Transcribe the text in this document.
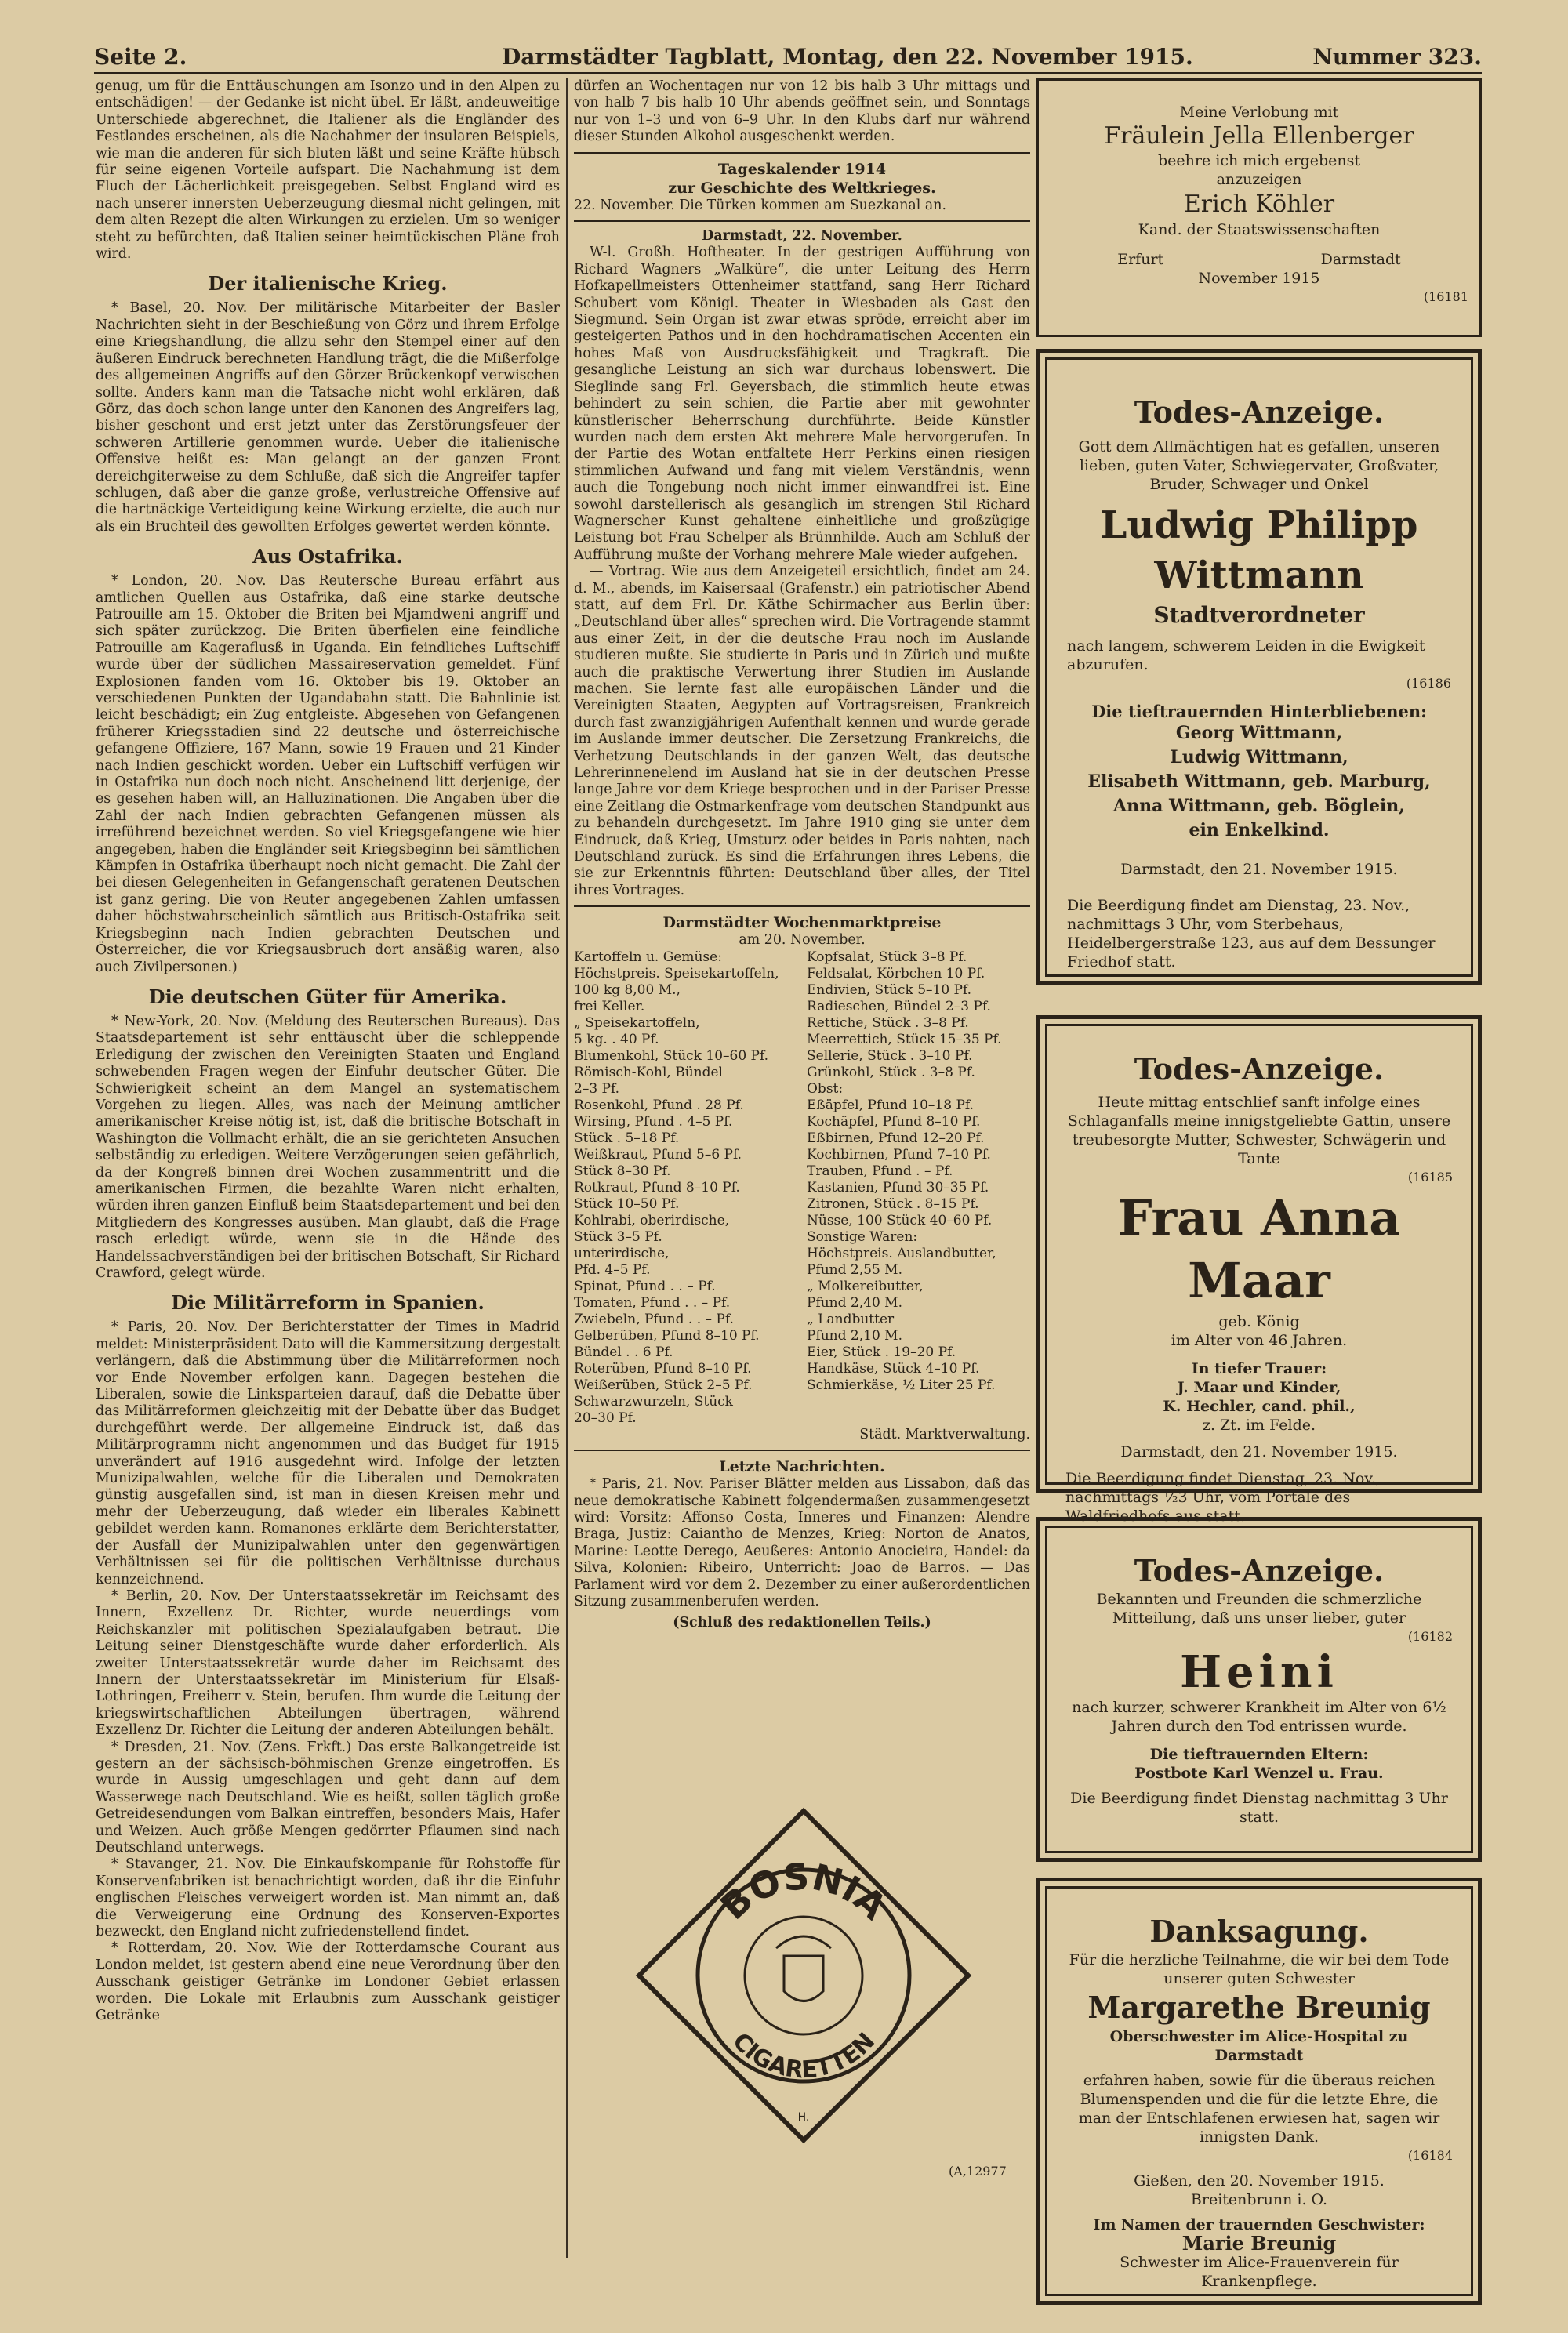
Seite 2.	Darmstädter Tagblatt, Montag, den 22. November 1915.	Nummer 323.

genug, um für die Enttäuschungen am Isonzo und in den Alpen zu entschädigen! — der Gedanke ist nicht übel. Er läßt, andeuweitige Unterschiede abgerechnet, die Italiener als die Engländer des Festlandes erscheinen, als die Nachahmer der insularen Beispiels, wie man die anderen für sich bluten läßt und seine Kräfte hübsch für seine eigenen Vorteile aufspart. Die Nachahmung ist dem Fluch der Lächerlichkeit preisgegeben. Selbst England wird es nach unserer innersten Ueberzeugung diesmal nicht gelingen, mit dem alten Rezept die alten Wirkungen zu erzielen. Um so weniger steht zu befürchten, daß Italien seiner heimtückischen Pläne froh wird.

Der italienische Krieg.

* Basel, 20. Nov. Der militärische Mitarbeiter der Basler Nachrichten sieht in der Beschießung von Görz und ihrem Erfolge eine Kriegshandlung, die allzu sehr den Stempel einer auf den äußeren Eindruck berechneten Handlung trägt, die die Mißerfolge des allgemeinen Angriffs auf den Görzer Brückenkopf verwischen sollte. Anders kann man die Tatsache nicht wohl erklären, daß Görz, das doch schon lange unter den Kanonen des Angreifers lag, bisher geschont und erst jetzt unter das Zerstörungsfeuer der schweren Artillerie genommen wurde. Ueber die italienische Offensive heißt es: Man gelangt an der ganzen Front dereichgiterweise zu dem Schluße, daß sich die Angreifer tapfer schlugen, daß aber die ganze große, verlustreiche Offensive auf die hartnäckige Verteidigung keine Wirkung erzielte, die auch nur als ein Bruchteil des gewollten Erfolges gewertet werden könnte.

Aus Ostafrika.

* London, 20. Nov. Das Reutersche Bureau erfährt aus amtlichen Quellen aus Ostafrika, daß eine starke deutsche Patrouille am 15. Oktober die Briten bei Mjamdweni angriff und sich später zurückzog. Die Briten überfielen eine feindliche Patrouille am Kageraflusß in Uganda. Ein feindliches Luftschiff wurde über der südlichen Massaireservation gemeldet. Fünf Explosionen fanden vom 16. Oktober bis 19. Oktober an verschiedenen Punkten der Ugandabahn statt. Die Bahnlinie ist leicht beschädigt; ein Zug entgleiste. Abgesehen von Gefangenen früherer Kriegsstadien sind 22 deutsche und österreichische gefangene Offiziere, 167 Mann, sowie 19 Frauen und 21 Kinder nach Indien geschickt worden. Ueber ein Luftschiff verfügen wir in Ostafrika nun doch noch nicht. Anscheinend litt derjenige, der es gesehen haben will, an Halluzinationen. Die Angaben über die Zahl der nach Indien gebrachten Gefangenen müssen als irreführend bezeichnet werden. So viel Kriegsgefangene wie hier angegeben, haben die Engländer seit Kriegsbeginn bei sämtlichen Kämpfen in Ostafrika überhaupt noch nicht gemacht. Die Zahl der bei diesen Gelegenheiten in Gefangenschaft geratenen Deutschen ist ganz gering. Die von Reuter angegebenen Zahlen umfassen daher höchstwahrscheinlich sämtlich aus Britisch-Ostafrika seit Kriegsbeginn nach Indien gebrachten Deutschen und Österreicher, die vor Kriegsausbruch dort ansäßig waren, also auch Zivilpersonen.)

Die deutschen Güter für Amerika.

* New-York, 20. Nov. (Meldung des Reuterschen Bureaus). Das Staatsdepartement ist sehr enttäuscht über die schleppende Erledigung der zwischen den Vereinigten Staaten und England schwebenden Fragen wegen der Einfuhr deutscher Güter. Die Schwierigkeit scheint an dem Mangel an systematischem Vorgehen zu liegen. Alles, was nach der Meinung amtlicher amerikanischer Kreise nötig ist, ist, daß die britische Botschaft in Washington die Vollmacht erhält, die an sie gerichteten Ansuchen selbständig zu erledigen. Weitere Verzögerungen seien gefährlich, da der Kongreß binnen drei Wochen zusammentritt und die amerikanischen Firmen, die bezahlte Waren nicht erhalten, würden ihren ganzen Einfluß beim Staatsdepartement und bei den Mitgliedern des Kongresses ausüben. Man glaubt, daß die Frage rasch erledigt würde, wenn sie in die Hände des Handelssachverständigen bei der britischen Botschaft, Sir Richard Crawford, gelegt würde.

Die Militärreform in Spanien.

* Paris, 20. Nov. Der Berichterstatter der Times in Madrid meldet: Ministerpräsident Dato will die Kammersitzung dergestalt verlängern, daß die Abstimmung über die Militärreformen noch vor Ende November erfolgen kann. Dagegen bestehen die Liberalen, sowie die Linksparteien darauf, daß die Debatte über das Militärreformen gleichzeitig mit der Debatte über das Budget durchgeführt werde. Der allgemeine Eindruck ist, daß das Militärprogramm nicht angenommen und das Budget für 1915 unverändert auf 1916 ausgedehnt wird. Infolge der letzten Munizipalwahlen, welche für die Liberalen und Demokraten günstig ausgefallen sind, ist man in diesen Kreisen mehr und mehr der Ueberzeugung, daß wieder ein liberales Kabinett gebildet werden kann. Romanones erklärte dem Berichterstatter, der Ausfall der Munizipalwahlen unter den gegenwärtigen Verhältnissen sei für die politischen Verhältnisse durchaus kennzeichnend.

* Berlin, 20. Nov. Der Unterstaatssekretär im Reichsamt des Innern, Exzellenz Dr. Richter, wurde neuerdings vom Reichskanzler mit politischen Spezialaufgaben betraut. Die Leitung seiner Dienstgeschäfte wurde daher erforderlich. Als zweiter Unterstaatssekretär wurde daher im Reichsamt des Innern der Unterstaatssekretär im Ministerium für Elsaß-Lothringen, Freiherr v. Stein, berufen. Ihm wurde die Leitung der kriegswirtschaftlichen Abteilungen übertragen, während Exzellenz Dr. Richter die Leitung der anderen Abteilungen behält.

* Dresden, 21. Nov. (Zens. Frkft.) Das erste Balkangetreide ist gestern an der sächsisch-böhmischen Grenze eingetroffen. Es wurde in Aussig umgeschlagen und geht dann auf dem Wasserwege nach Deutschland. Wie es heißt, sollen täglich große Getreidesendungen vom Balkan eintreffen, besonders Mais, Hafer und Weizen. Auch größe Mengen gedörrter Pflaumen sind nach Deutschland unterwegs.

* Stavanger, 21. Nov. Die Einkaufskompanie für Rohstoffe für Konservenfabriken ist benachrichtigt worden, daß ihr die Einfuhr englischen Fleisches verweigert worden ist. Man nimmt an, daß die Verweigerung eine Ordnung des Konserven-Exportes bezweckt, den England nicht zufriedenstellend findet.

* Rotterdam, 20. Nov. Wie der Rotterdamsche Courant aus London meldet, ist gestern abend eine neue Verordnung über den Ausschank geistiger Getränke im Londoner Gebiet erlassen worden. Die Lokale mit Erlaubnis zum Ausschank geistiger Getränke

dürfen an Wochentagen nur von 12 bis halb 3 Uhr mittags und von halb 7 bis halb 10 Uhr abends geöffnet sein, und Sonntags nur von 1–3 und von 6–9 Uhr. In den Klubs darf nur während dieser Stunden Alkohol ausgeschenkt werden.

Tageskalender 1914
zur Geschichte des Weltkrieges.

22. November. Die Türken kommen am Suezkanal an.

Darmstadt, 22. November.

W-l. Großh. Hoftheater. In der gestrigen Aufführung von Richard Wagners „Walküre“, die unter Leitung des Herrn Hofkapellmeisters Ottenheimer stattfand, sang Herr Richard Schubert vom Königl. Theater in Wiesbaden als Gast den Siegmund. Sein Organ ist zwar etwas spröde, erreicht aber im gesteigerten Pathos und in den hochdramatischen Accenten ein hohes Maß von Ausdrucksfähigkeit und Tragkraft. Die gesangliche Leistung an sich war durchaus lobenswert. Die Sieglinde sang Frl. Geyersbach, die stimmlich heute etwas behindert zu sein schien, die Partie aber mit gewohnter künstlerischer Beherrschung durchführte. Beide Künstler wurden nach dem ersten Akt mehrere Male hervorgerufen. In der Partie des Wotan entfaltete Herr Perkins einen riesigen stimmlichen Aufwand und fang mit vielem Verständnis, wenn auch die Tongebung noch nicht immer einwandfrei ist. Eine sowohl darstellerisch als gesanglich im strengen Stil Richard Wagnerscher Kunst gehaltene einheitliche und großzügige Leistung bot Frau Schelper als Brünnhilde. Auch am Schluß der Aufführung mußte der Vorhang mehrere Male wieder aufgehen.

— Vortrag. Wie aus dem Anzeigeteil ersichtlich, findet am 24. d. M., abends, im Kaisersaal (Grafenstr.) ein patriotischer Abend statt, auf dem Frl. Dr. Käthe Schirmacher aus Berlin über: „Deutschland über alles“ sprechen wird. Die Vortragende stammt aus einer Zeit, in der die deutsche Frau noch im Auslande studieren mußte. Sie studierte in Paris und in Zürich und mußte auch die praktische Verwertung ihrer Studien im Auslande machen. Sie lernte fast alle europäischen Länder und die Vereinigten Staaten, Aegypten auf Vortragsreisen, Frankreich durch fast zwanzigjährigen Aufenthalt kennen und wurde gerade im Auslande immer deutscher. Die Zersetzung Frankreichs, die Verhetzung Deutschlands in der ganzen Welt, das deutsche Lehrerinnenelend im Ausland hat sie in der deutschen Presse lange Jahre vor dem Kriege besprochen und in der Pariser Presse eine Zeitlang die Ostmarkenfrage vom deutschen Standpunkt aus zu behandeln durchgesetzt. Im Jahre 1910 ging sie unter dem Eindruck, daß Krieg, Umsturz oder beides in Paris nahten, nach Deutschland zurück. Es sind die Erfahrungen ihres Lebens, die sie zur Erkenntnis führten: Deutschland über alles, der Titel ihres Vortrages.

Darmstädter Wochenmarktpreise
am 20. November.
Kartoffeln u. Gemüse:
Höchstpreis. Speisekartoffeln,
100 kg 8,00 M.,
frei Keller.
„ Speisekartoffeln,
5 kg. . 40 Pf.
Blumenkohl, Stück 10–60 Pf.
Römisch-Kohl, Bündel
2–3 Pf.
Rosenkohl, Pfund . 28 Pf.
Wirsing, Pfund . 4–5 Pf.
Stück . 5–18 Pf.
Weißkraut, Pfund 5–6 Pf.
Stück 8–30 Pf.
Rotkraut, Pfund 8–10 Pf.
Stück 10–50 Pf.
Kohlrabi, oberirdische,
Stück 3–5 Pf.
unterirdische,
Pfd. 4–5 Pf.
Spinat, Pfund . . – Pf.
Tomaten, Pfund . . – Pf.
Zwiebeln, Pfund . . – Pf.
Gelberüben, Pfund 8–10 Pf.
Bündel . . 6 Pf.
Roterüben, Pfund 8–10 Pf.
Weißerüben, Stück 2–5 Pf.
Schwarzwurzeln, Stück
20–30 Pf.
Kopfsalat, Stück 3–8 Pf.
Feldsalat, Körbchen 10 Pf.
Endivien, Stück 5–10 Pf.
Radieschen, Bündel 2–3 Pf.
Rettiche, Stück . 3–8 Pf.
Meerrettich, Stück 15–35 Pf.
Sellerie, Stück . 3–10 Pf.
Grünkohl, Stück . 3–8 Pf.
Obst:
Eßäpfel, Pfund 10–18 Pf.
Kochäpfel, Pfund 8–10 Pf.
Eßbirnen, Pfund 12–20 Pf.
Kochbirnen, Pfund 7–10 Pf.
Trauben, Pfund . – Pf.
Kastanien, Pfund 30–35 Pf.
Zitronen, Stück . 8–15 Pf.
Nüsse, 100 Stück 40–60 Pf.
Sonstige Waren:
Höchstpreis. Auslandbutter,
Pfund 2,55 M.
„ Molkereibutter,
Pfund 2,40 M.
„ Landbutter
Pfund 2,10 M.
Eier, Stück . 19–20 Pf.
Handkäse, Stück 4–10 Pf.
Schmierkäse, ½ Liter 25 Pf.
Städt. Marktverwaltung.
Letzte Nachrichten.

* Paris, 21. Nov. Pariser Blätter melden aus Lissabon, daß das neue demokratische Kabinett folgendermaßen zusammengesetzt wird: Vorsitz: Affonso Costa, Inneres und Finanzen: Alendre Braga, Justiz: Caiantho de Menzes, Krieg: Norton de Anatos, Marine: Leotte Derego, Aeußeres: Antonio Anocieira, Handel: da Silva, Kolonien: Ribeiro, Unterricht: Joao de Barros. — Das Parlament wird vor dem 2. Dezember zu einer außerordentlichen Sitzung zusammenberufen werden.

(Schluß des redaktionellen Teils.)
BOSNIA
CIGARETTEN
H.
(A,12977
Meine Verlobung mit
Fräulein Jella Ellenberger
beehre ich mich ergebenst
anzuzeigen
Erich Köhler
Kand. der Staatswissenschaften
Erfurt	Darmstadt
November 1915
(16181
Todes-Anzeige.
Gott dem Allmächtigen hat es gefallen, unseren lieben, guten Vater, Schwiegervater, Großvater, Bruder, Schwager und Onkel
Ludwig Philipp Wittmann
Stadtverordneter
nach langem, schwerem Leiden in die Ewigkeit abzurufen.
(16186
Die tieftrauernden Hinterbliebenen:
Georg Wittmann,
Ludwig Wittmann,
Elisabeth Wittmann, geb. Marburg,
Anna Wittmann, geb. Böglein,
ein Enkelkind.
Darmstadt, den 21. November 1915.
Die Beerdigung findet am Dienstag, 23. Nov., nachmittags 3 Uhr, vom Sterbehaus, Heidelbergerstraße 123, aus auf dem Bessunger Friedhof statt.
Todes-Anzeige.
Heute mittag entschlief sanft infolge eines Schlaganfalls meine innigstgeliebte Gattin, unsere treubesorgte Mutter, Schwester, Schwägerin und Tante
(16185
Frau Anna Maar
geb. König
im Alter von 46 Jahren.
In tiefer Trauer:
J. Maar und Kinder,
K. Hechler, cand. phil.,
z. Zt. im Felde.
Darmstadt, den 21. November 1915.
Die Beerdigung findet Dienstag, 23. Nov., nachmittags ½3 Uhr, vom Portale des Waldfriedhofs aus statt.
Todes-Anzeige.
Bekannten und Freunden die schmerzliche Mitteilung, daß uns unser lieber, guter
(16182
Heini
nach kurzer, schwerer Krankheit im Alter von 6½ Jahren durch den Tod entrissen wurde.
Die tieftrauernden Eltern:
Postbote Karl Wenzel u. Frau.
Die Beerdigung findet Dienstag nachmittag 3 Uhr statt.
Danksagung.
Für die herzliche Teilnahme, die wir bei dem Tode unserer guten Schwester
Margarethe Breunig
Oberschwester im Alice-Hospital zu Darmstadt
erfahren haben, sowie für die überaus reichen Blumenspenden und die für die letzte Ehre, die man der Entschlafenen erwiesen hat, sagen wir innigsten Dank.
(16184
Gießen, den 20. November 1915.
Breitenbrunn i. O.
Im Namen der trauernden Geschwister:
Marie Breunig
Schwester im Alice-Frauenverein für Krankenpflege.
